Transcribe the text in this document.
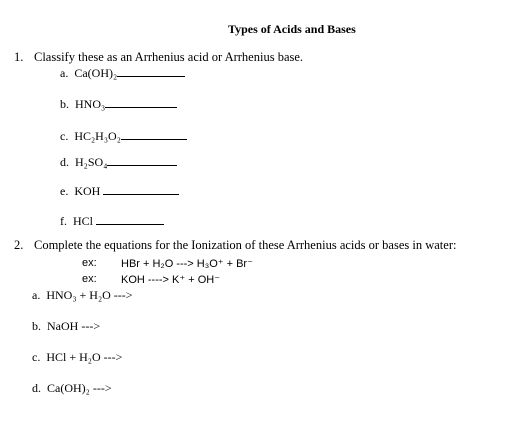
Types of Acids and Bases
1. Classify these as an Arrhenius acid or Arrhenius base.
a. Ca(OH)₂
b. HNO₃
c. HC₂H₃O₂
d. H₂SO₄
e. KOH
f. HCl
2. Complete the equations for the Ionization of these Arrhenius acids or bases in water:
ex: HBr + H₂O ---> H₃O⁺ + Br⁻
ex: KOH ----> K⁺ + OH⁻
a. HNO₃ + H₂O --->
b. NaOH --->
c. HCl + H₂O --->
d. Ca(OH)₂ --->
